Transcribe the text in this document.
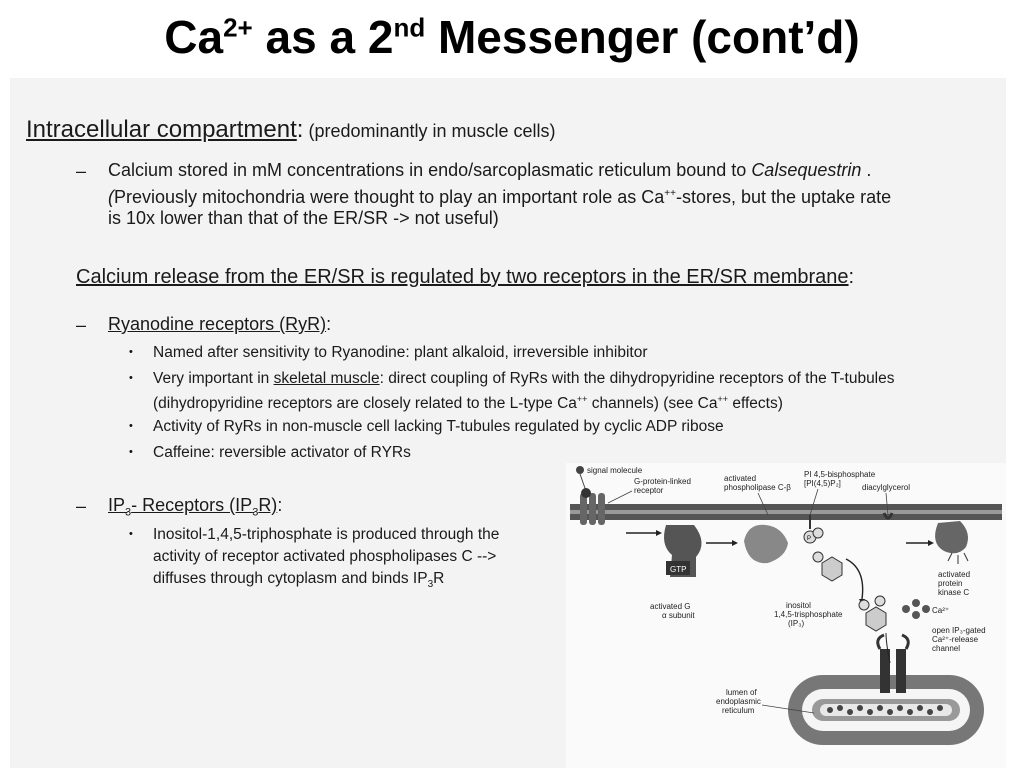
$Ca^{2+}$ as a 2nd Messenger (cont’d)
Intracellular compartment: (predominantly in muscle cells)
– Calcium stored in mM concentrations in endo/sarcoplasmatic reticulum bound to Calsequestrin .
(Previously mitochondria were thought to play an important role as Ca++-stores, but the uptake rate
is 10x lower than that of the ER/SR -> not useful)
Calcium release from the ER/SR is regulated by two receptors in the ER/SR membrane:
– Ryanodine receptors (RyR):
• Named after sensitivity to Ryanodine: plant alkaloid, irreversible inhibitor
• Very important in skeletal muscle: direct coupling of RyRs with the dihydropyridine receptors of the T-tubules
(dihydropyridine receptors are closely related to the L-type Ca++ channels) (see Ca++ effects)
• Activity of RyRs in non-muscle cell lacking T-tubules regulated by cyclic ADP ribose
• Caffeine: reversible activator of RYRs
– $IP_3-$ Receptors $(IP_3R)$:
• Inositol-1,4,5-triphosphate is produced through the
activity of receptor activated phospholipases C -->
diffuses through cytoplasm and binds $IP_3R$
signal molecule
G-protein-linked
receptor
GTP
activated G
α subunit
activated
phospholipase C-β
PI 4,5-bisphosphate
[PI(4,5)P₂]
P
diacylglycerol
inositol
1,4,5-trisphosphate
(IP₃)
activated
protein
kinase C
Ca²⁺
open IP₃-gated
Ca²⁺-release
channel
lumen of
endoplasmic
reticulum
